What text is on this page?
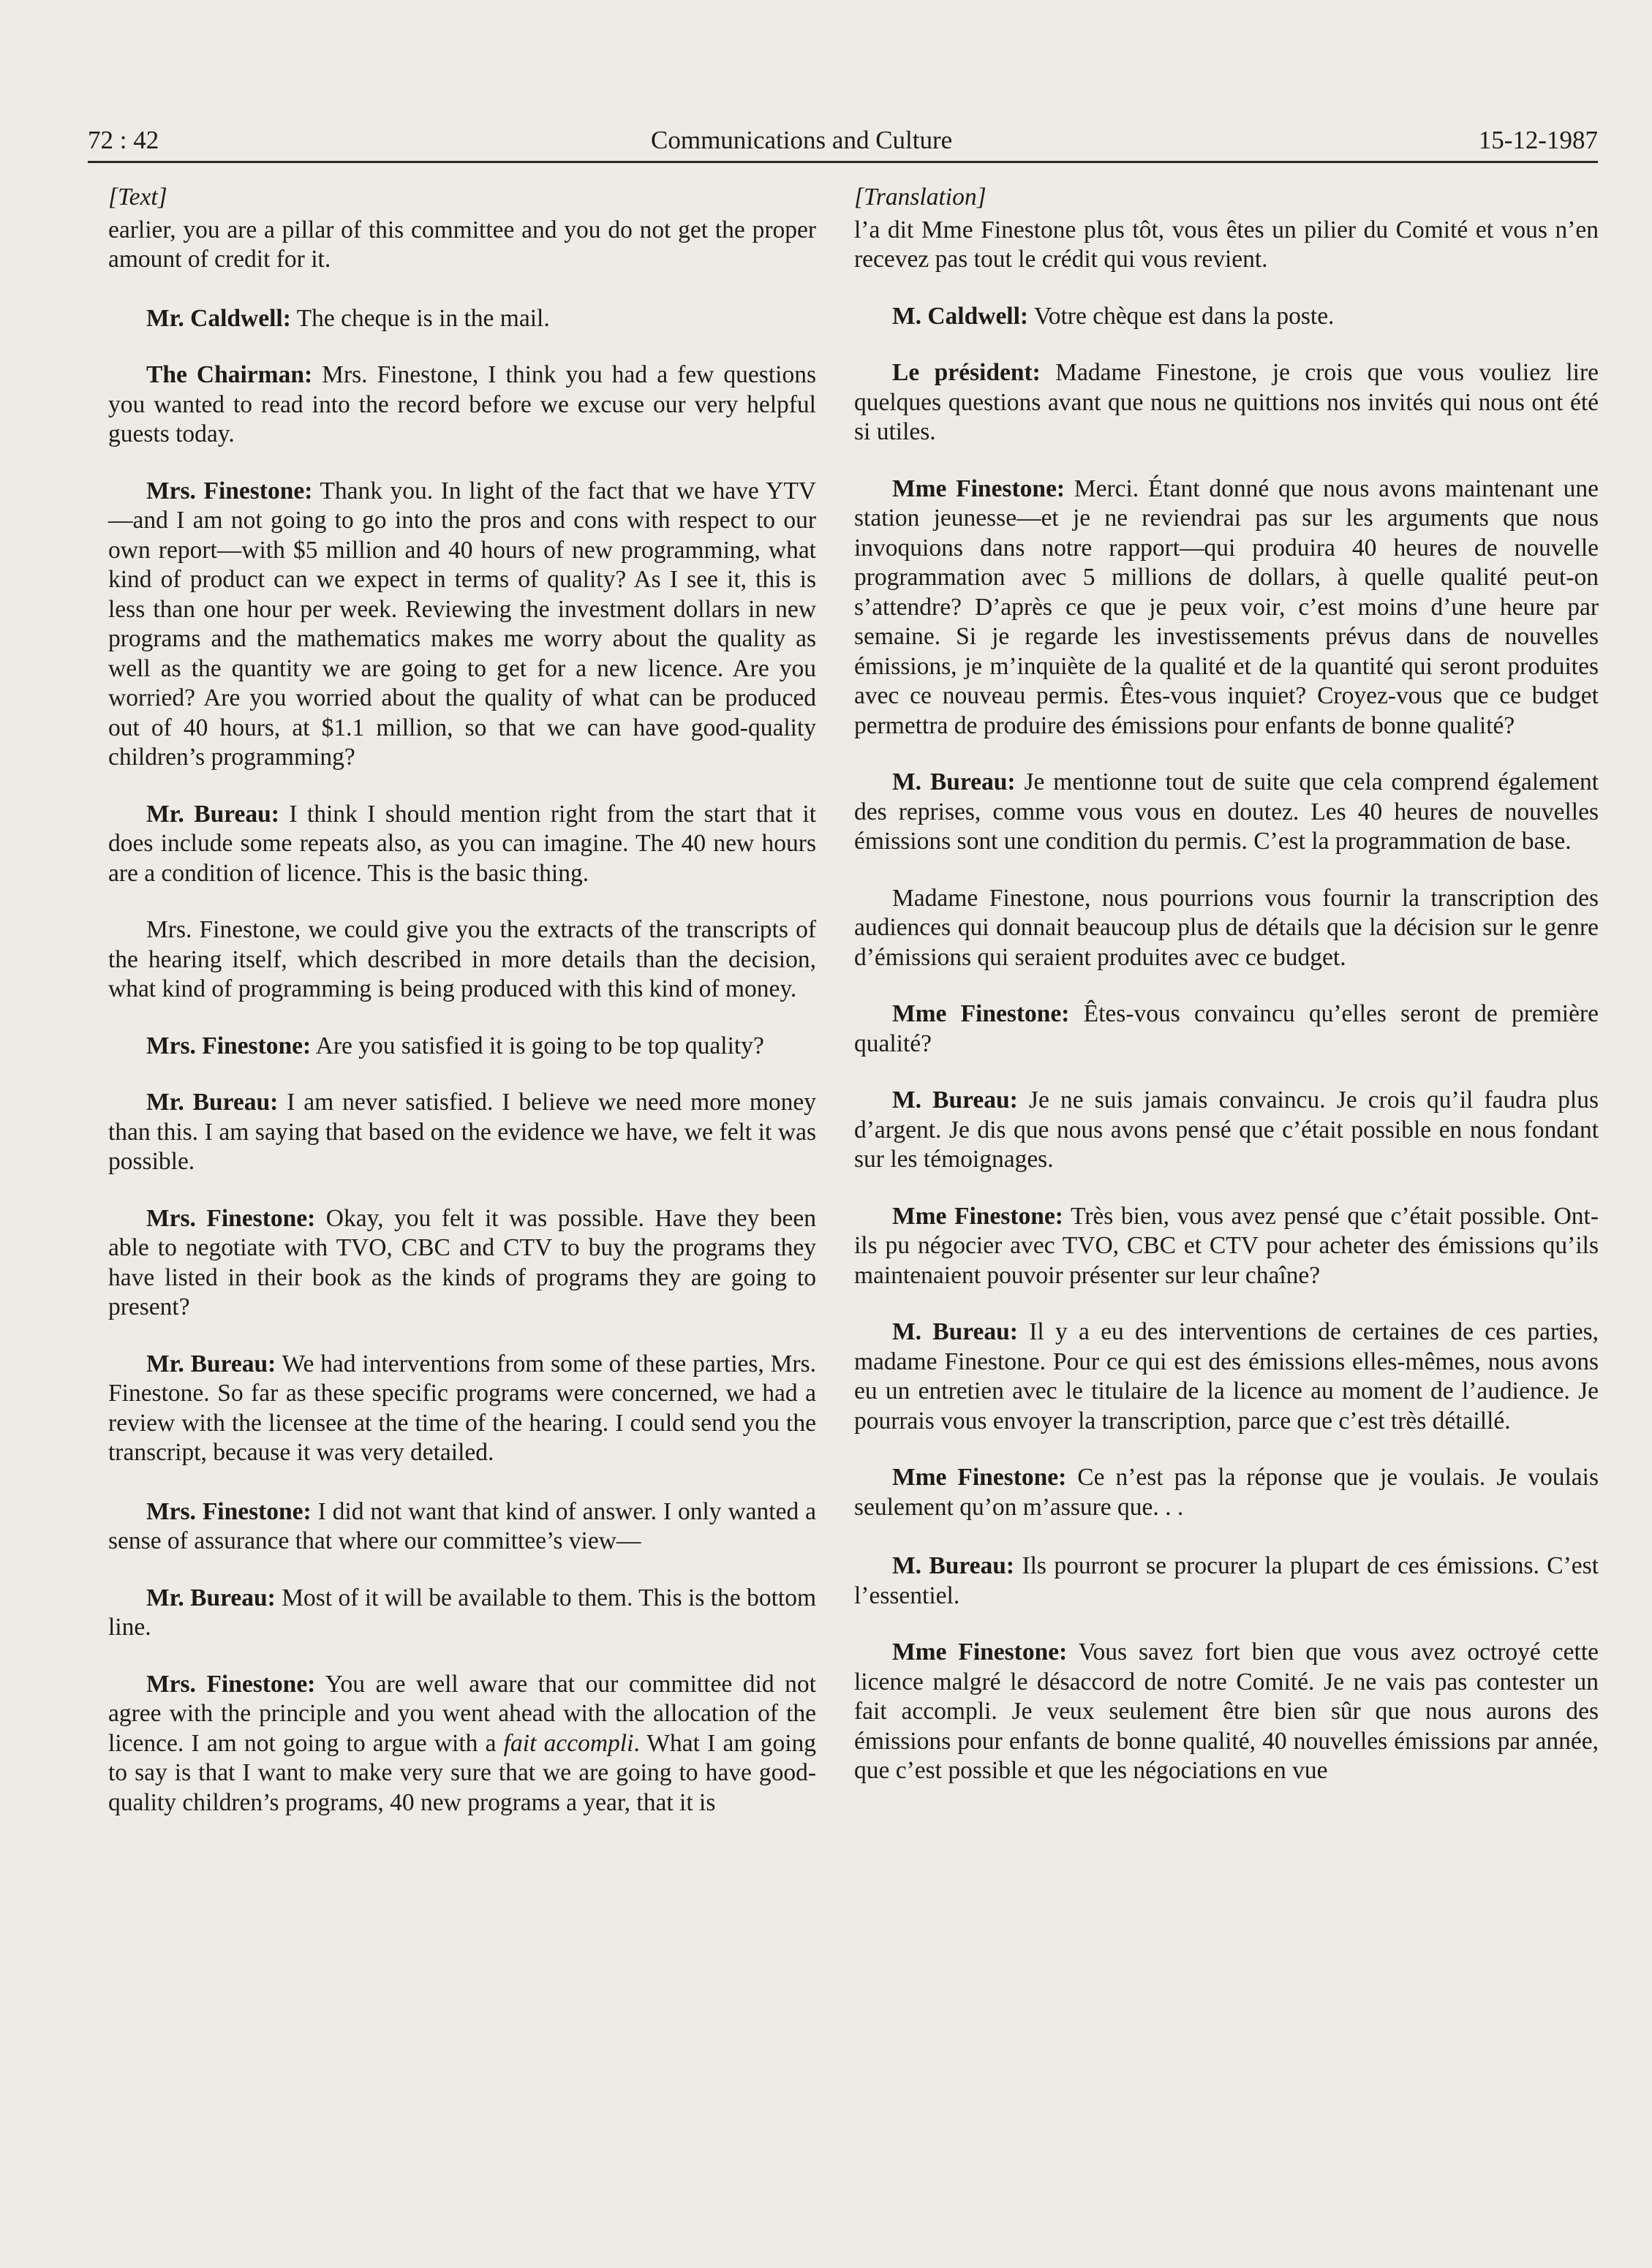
72 : 42	Communications and Culture	15-12-1987
[Text]

earlier, you are a pillar of this committee and you do not get the proper amount of credit for it.

Mr. Caldwell: The cheque is in the mail.

The Chairman: Mrs. Finestone, I think you had a few questions you wanted to read into the record before we excuse our very helpful guests today.

Mrs. Finestone: Thank you. In light of the fact that we have YTV—and I am not going to go into the pros and cons with respect to our own report—with $5 million and 40 hours of new programming, what kind of product can we expect in terms of quality? As I see it, this is less than one hour per week. Reviewing the investment dollars in new programs and the mathematics makes me worry about the quality as well as the quantity we are going to get for a new licence. Are you worried? Are you worried about the quality of what can be produced out of 40 hours, at $1.1 million, so that we can have good-quality children’s programming?

Mr. Bureau: I think I should mention right from the start that it does include some repeats also, as you can imagine. The 40 new hours are a condition of licence. This is the basic thing.

Mrs. Finestone, we could give you the extracts of the transcripts of the hearing itself, which described in more details than the decision, what kind of programming is being produced with this kind of money.

Mrs. Finestone: Are you satisfied it is going to be top quality?

Mr. Bureau: I am never satisfied. I believe we need more money than this. I am saying that based on the evidence we have, we felt it was possible.

Mrs. Finestone: Okay, you felt it was possible. Have they been able to negotiate with TVO, CBC and CTV to buy the programs they have listed in their book as the kinds of programs they are going to present?

Mr. Bureau: We had interventions from some of these parties, Mrs. Finestone. So far as these specific programs were concerned, we had a review with the licensee at the time of the hearing. I could send you the transcript, because it was very detailed.

Mrs. Finestone: I did not want that kind of answer. I only wanted a sense of assurance that where our committee’s view—

Mr. Bureau: Most of it will be available to them. This is the bottom line.

Mrs. Finestone: You are well aware that our committee did not agree with the principle and you went ahead with the allocation of the licence. I am not going to argue with a fait accompli. What I am going to say is that I want to make very sure that we are going to have good-quality children’s programs, 40 new programs a year, that it is

[Translation]

l’a dit Mme Finestone plus tôt, vous êtes un pilier du Comité et vous n’en recevez pas tout le crédit qui vous revient.

M. Caldwell: Votre chèque est dans la poste.

Le président: Madame Finestone, je crois que vous vouliez lire quelques questions avant que nous ne quittions nos invités qui nous ont été si utiles.

Mme Finestone: Merci. Étant donné que nous avons maintenant une station jeunesse—et je ne reviendrai pas sur les arguments que nous invoquions dans notre rapport—qui produira 40 heures de nouvelle programmation avec 5 millions de dollars, à quelle qualité peut-on s’attendre? D’après ce que je peux voir, c’est moins d’une heure par semaine. Si je regarde les investissements prévus dans de nouvelles émissions, je m’inquiète de la qualité et de la quantité qui seront produites avec ce nouveau permis. Êtes-vous inquiet? Croyez-vous que ce budget permettra de produire des émissions pour enfants de bonne qualité?

M. Bureau: Je mentionne tout de suite que cela comprend également des reprises, comme vous vous en doutez. Les 40 heures de nouvelles émissions sont une condition du permis. C’est la programmation de base.

Madame Finestone, nous pourrions vous fournir la transcription des audiences qui donnait beaucoup plus de détails que la décision sur le genre d’émissions qui seraient produites avec ce budget.

Mme Finestone: Êtes-vous convaincu qu’elles seront de première qualité?

M. Bureau: Je ne suis jamais convaincu. Je crois qu’il faudra plus d’argent. Je dis que nous avons pensé que c’était possible en nous fondant sur les témoignages.

Mme Finestone: Très bien, vous avez pensé que c’était possible. Ont-ils pu négocier avec TVO, CBC et CTV pour acheter des émissions qu’ils maintenaient pouvoir présenter sur leur chaîne?

M. Bureau: Il y a eu des interventions de certaines de ces parties, madame Finestone. Pour ce qui est des émissions elles-mêmes, nous avons eu un entretien avec le titulaire de la licence au moment de l’audience. Je pourrais vous envoyer la transcription, parce que c’est très détaillé.

Mme Finestone: Ce n’est pas la réponse que je voulais. Je voulais seulement qu’on m’assure que. . .

M. Bureau: Ils pourront se procurer la plupart de ces émissions. C’est l’essentiel.

Mme Finestone: Vous savez fort bien que vous avez octroyé cette licence malgré le désaccord de notre Comité. Je ne vais pas contester un fait accompli. Je veux seulement être bien sûr que nous aurons des émissions pour enfants de bonne qualité, 40 nouvelles émissions par année, que c’est possible et que les négociations en vue
